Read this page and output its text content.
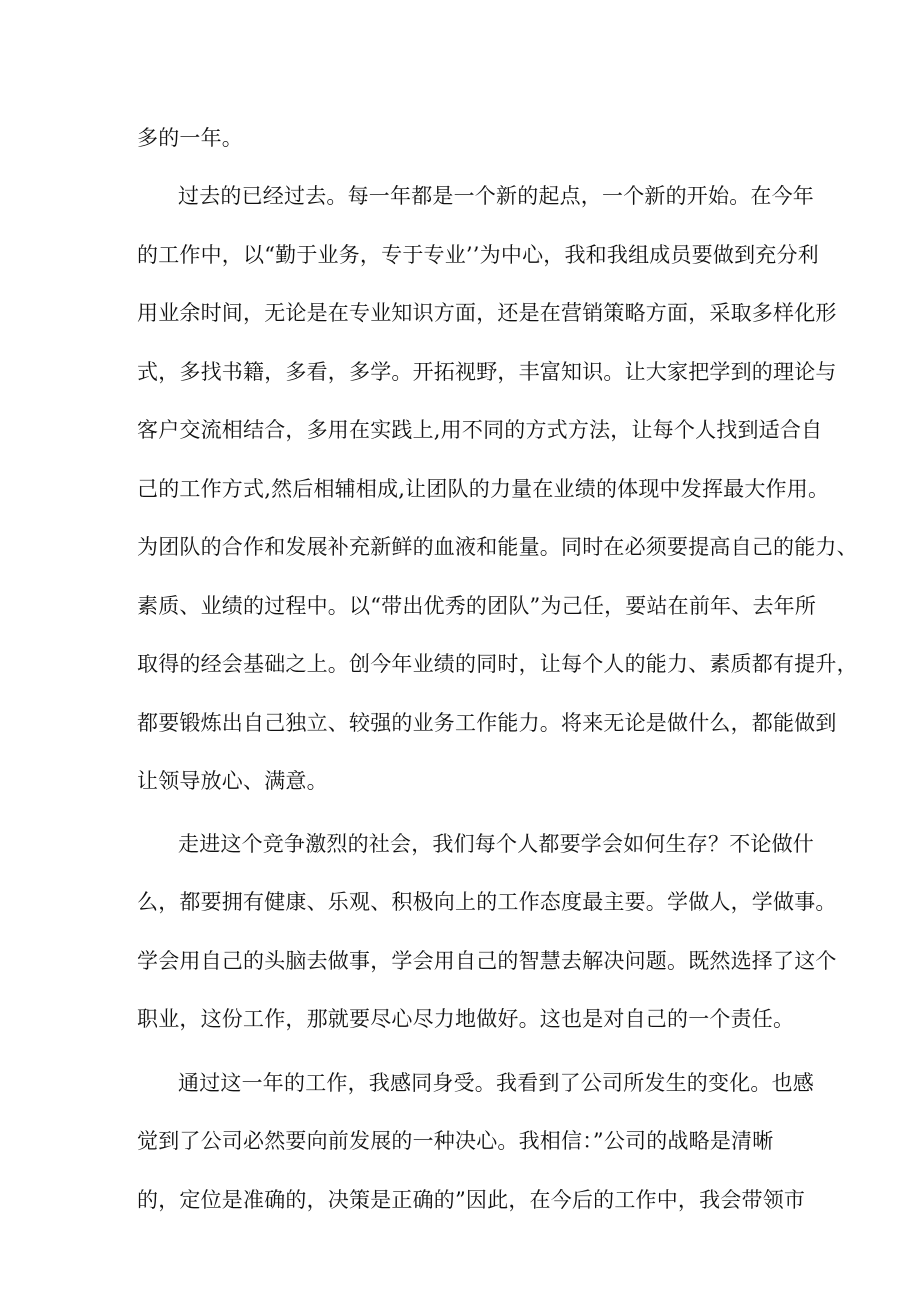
多的一年。
过去的已经过去。每一年都是一个新的起点，一个新的开始。在今年
的工作中，以“勤于业务，专于专业’’为中心，我和我组成员要做到充分利
用业余时间，无论是在专业知识方面，还是在营销策略方面，采取多样化形
式，多找书籍，多看，多学。开拓视野，丰富知识。让大家把学到的理论与
客户交流相结合，多用在实践上,用不同的方式方法，让每个人找到适合自
己的工作方式,然后相辅相成,让团队的力量在业绩的体现中发挥最大作用。
为团队的合作和发展补充新鲜的血液和能量。同时在必须要提高自己的能力、
素质、业绩的过程中。以“带出优秀的团队”为己任，要站在前年、去年所
取得的经会基础之上。创今年业绩的同时，让每个人的能力、素质都有提升，
都要锻炼出自己独立、较强的业务工作能力。将来无论是做什么，都能做到
让领导放心、满意。
走进这个竞争激烈的社会，我们每个人都要学会如何生存？不论做什
么，都要拥有健康、乐观、积极向上的工作态度最主要。学做人，学做事。
学会用自己的头脑去做事，学会用自己的智慧去解决问题。既然选择了这个
职业，这份工作，那就要尽心尽力地做好。这也是对自己的一个责任。
通过这一年的工作，我感同身受。我看到了公司所发生的变化。也感
觉到了公司必然要向前发展的一种决心。我相信：”公司的战略是清晰
的，定位是准确的，决策是正确的”因此，在今后的工作中，我会带领市
